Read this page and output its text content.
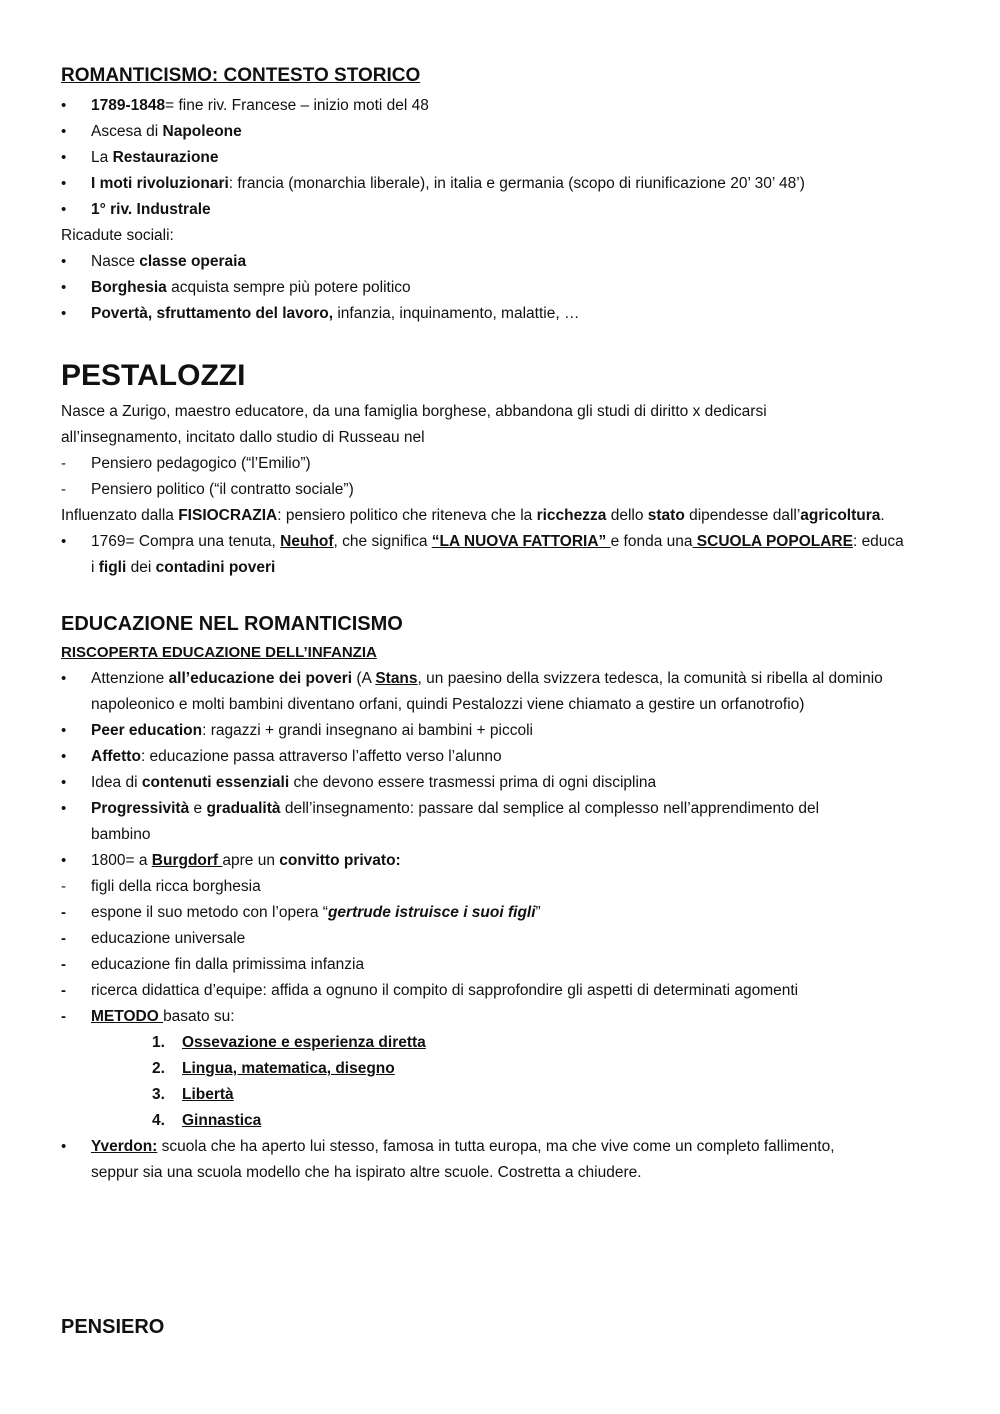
ROMANTICISMO: CONTESTO STORICO
•
1789-1848= fine riv. Francese – inizio moti del 48
•
Ascesa di Napoleone
•
La Restaurazione
•
I moti rivoluzionari: francia (monarchia liberale), in italia e germania (scopo di riunificazione 20’ 30’ 48’)
•
1° riv. Industrale
Ricadute sociali:
•
Nasce classe operaia
•
Borghesia acquista sempre più potere politico
•
Povertà, sfruttamento del lavoro, infanzia, inquinamento, malattie, …
PESTALOZZI
Nasce a Zurigo, maestro educatore, da una famiglia borghese, abbandona gli studi di diritto x dedicarsi
all’insegnamento, incitato dallo studio di Russeau nel
-
Pensiero pedagogico (“l’Emilio”)
-
Pensiero politico (“il contratto sociale”)
Influenzato dalla FISIOCRAZIA: pensiero politico che riteneva che la ricchezza dello stato dipendesse dall’agricoltura.
•
1769= Compra una tenuta, Neuhof, che significa “LA NUOVA FATTORIA” e fonda una SCUOLA POPOLARE: educa
i figli dei contadini poveri
EDUCAZIONE NEL ROMANTICISMO
RISCOPERTA EDUCAZIONE DELL’INFANZIA
•
Attenzione all’educazione dei poveri (A Stans, un paesino della svizzera tedesca, la comunità si ribella al dominio
napoleonico e molti bambini diventano orfani, quindi Pestalozzi viene chiamato a gestire un orfanotrofio)
•
Peer education: ragazzi + grandi insegnano ai bambini + piccoli
•
Affetto: educazione passa attraverso l’affetto verso l’alunno
•
Idea di contenuti essenziali che devono essere trasmessi prima di ogni disciplina
•
Progressività e gradualità dell’insegnamento: passare dal semplice al complesso nell’apprendimento del
bambino
•
1800= a Burgdorf apre un convitto privato:
-
figli della ricca borghesia
-
espone il suo metodo con l’opera “gertrude istruisce i suoi figli”
-
educazione universale
-
educazione fin dalla primissima infanzia
-
ricerca didattica d’equipe: affida a ognuno il compito di sapprofondire gli aspetti di determinati agomenti
-
METODO basato su:
1. Ossevazione e esperienza diretta
2. Lingua, matematica, disegno
3. Libertà
4. Ginnastica
•
Yverdon: scuola che ha aperto lui stesso, famosa in tutta europa, ma che vive come un completo fallimento,
seppur sia una scuola modello che ha ispirato altre scuole. Costretta a chiudere.
PENSIERO
